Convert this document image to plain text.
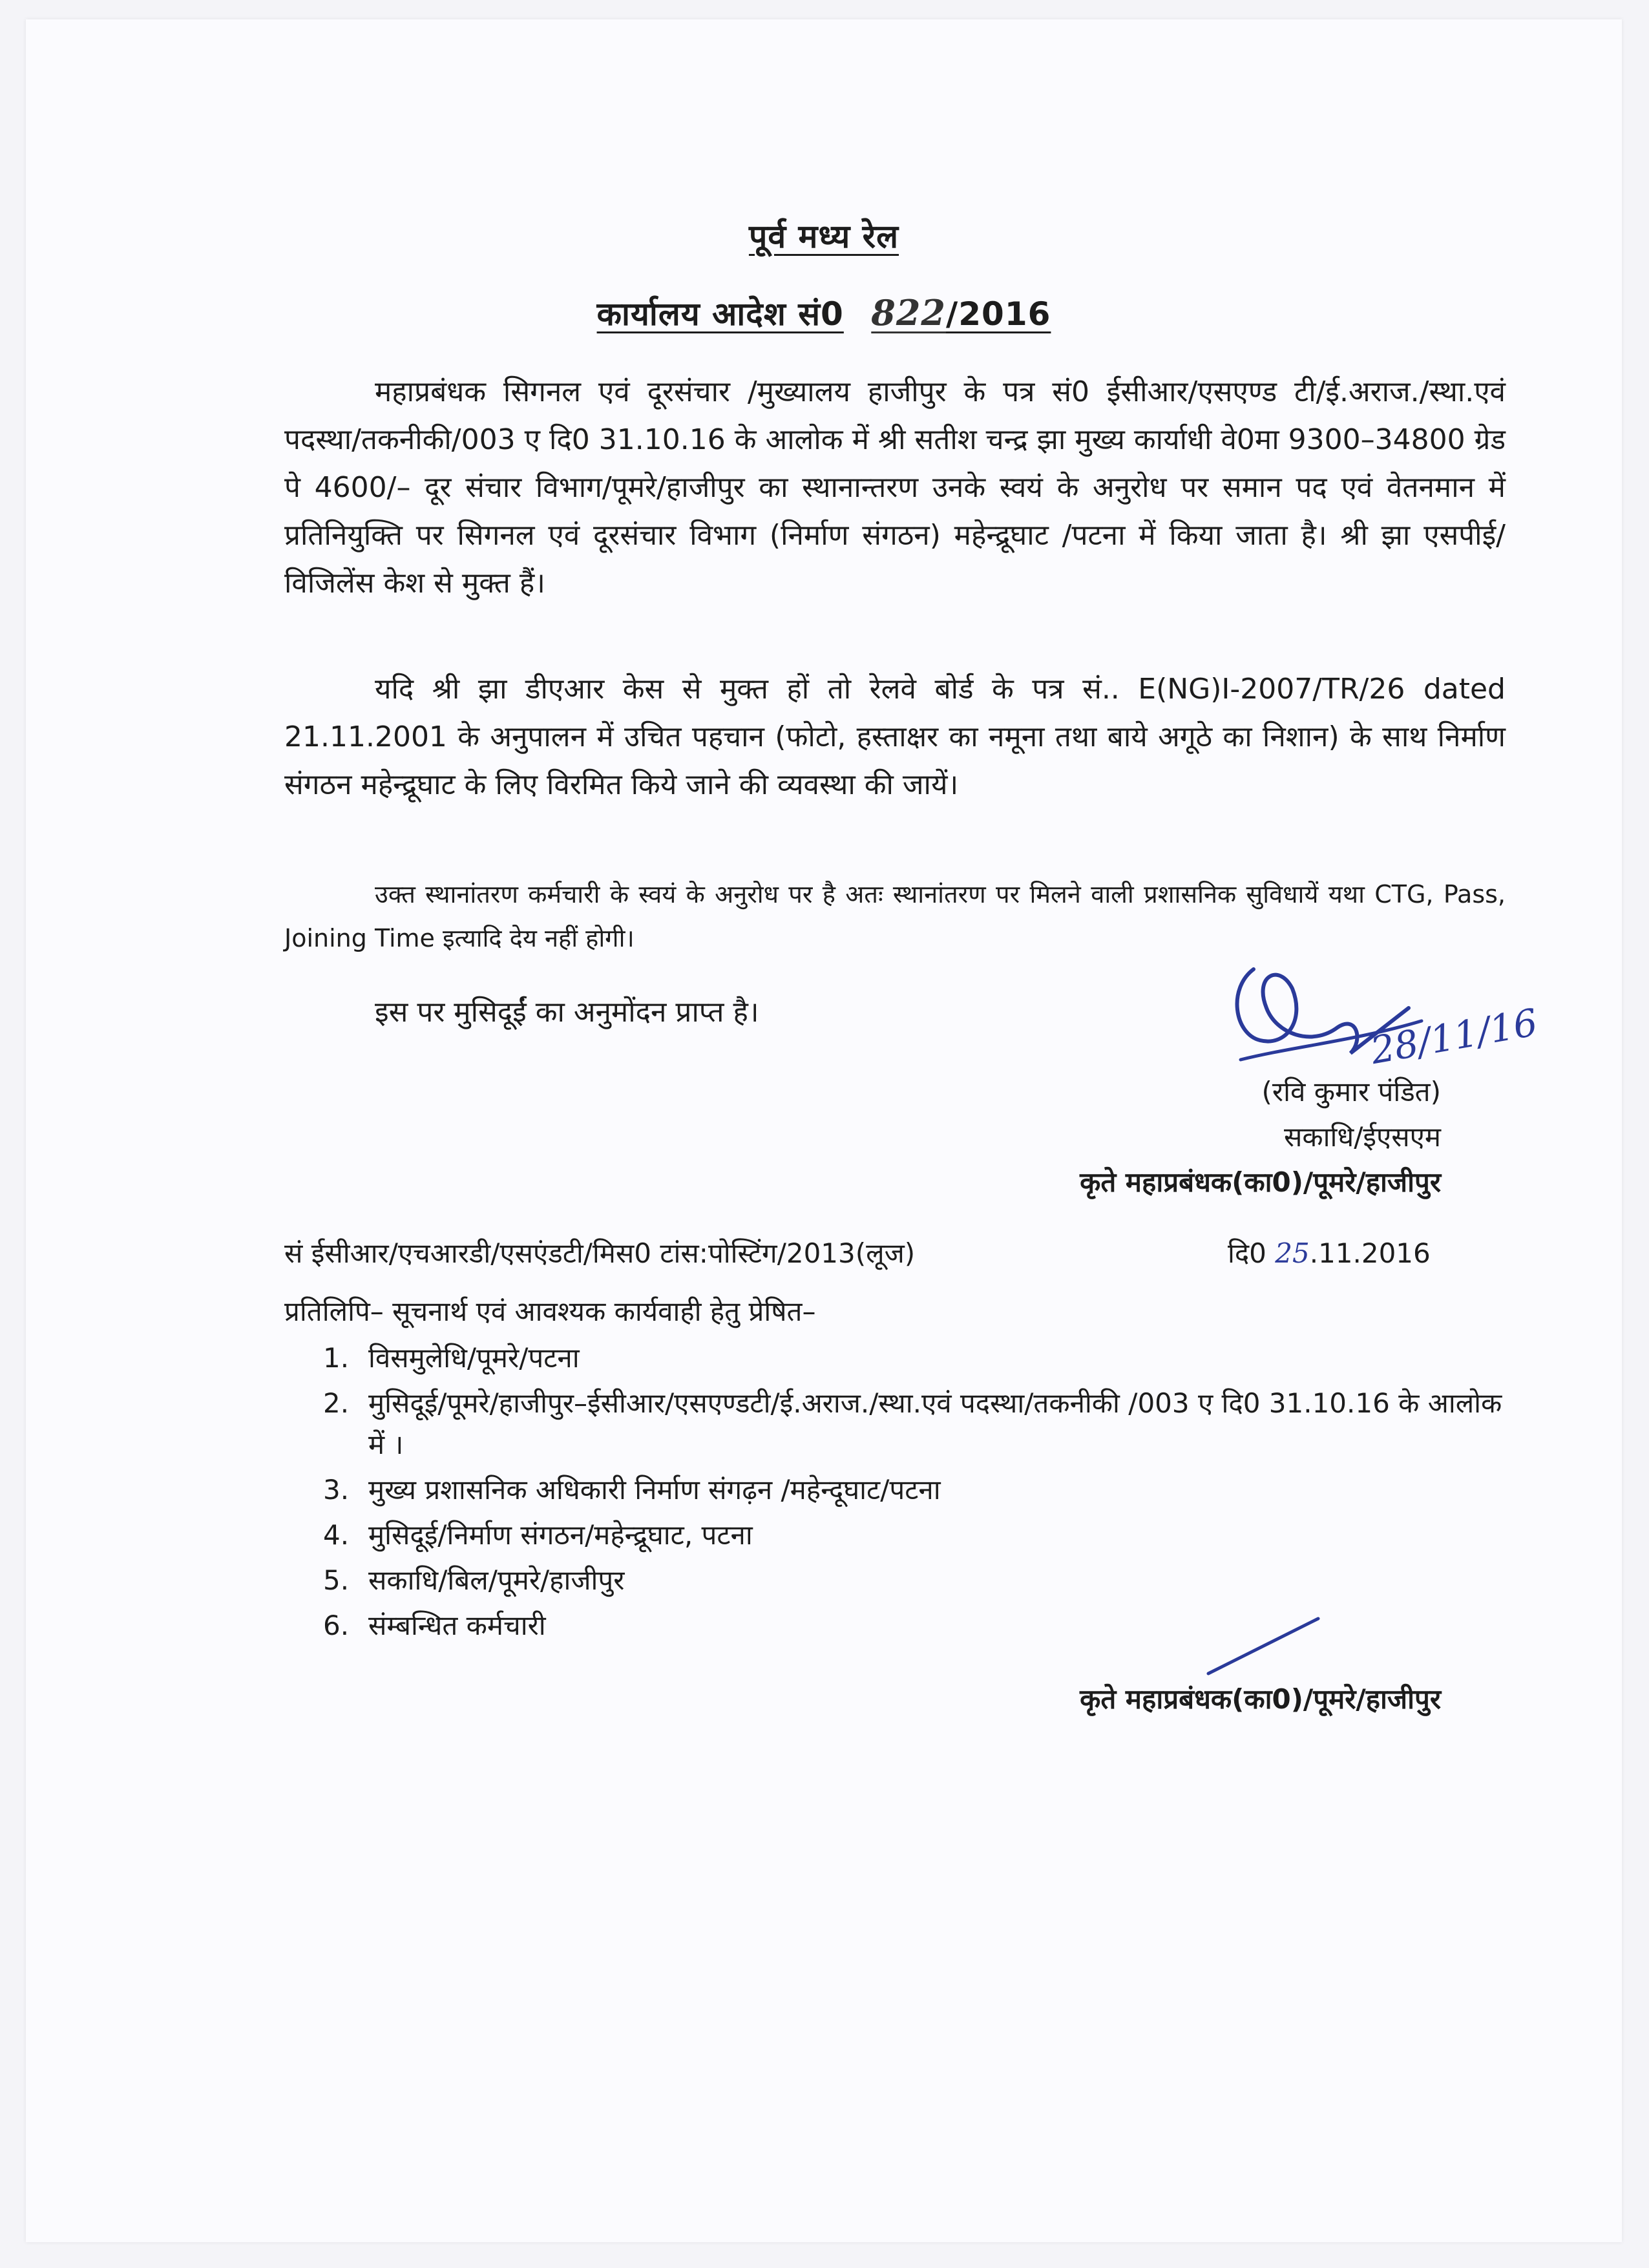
पूर्व मध्य रेल
कार्यालय आदेश सं0 822/2016
महाप्रबंधक सिगनल एवं दूरसंचार /मुख्यालय हाजीपुर के पत्र सं0 ईसीआर/एसएण्ड टी/ई.अराज./स्था.एवं पदस्था/तकनीकी/003 ए दि0 31.10.16 के आलोक में श्री सतीश चन्द्र झा मुख्य कार्याधी वे0मा 9300–34800 ग्रेड पे 4600/– दूर संचार विभाग/पूमरे/हाजीपुर का स्थानान्तरण उनके स्वयं के अनुरोध पर समान पद एवं वेतनमान में प्रतिनियुक्ति पर सिगनल एवं दूरसंचार विभाग (निर्माण संगठन) महेन्द्रूघाट /पटना में किया जाता है। श्री झा एसपीई/विजिलेंस केश से मुक्त हैं।
यदि श्री झा डीएआर केस से मुक्त हों तो रेलवे बोर्ड के पत्र सं.. E(NG)I-2007/TR/26 dated 21.11.2001 के अनुपालन में उचित पहचान (फोटो, हस्ताक्षर का नमूना तथा बाये अगूठे का निशान) के साथ निर्माण संगठन महेन्द्रूघाट के लिए विरमित किये जाने की व्यवस्था की जायें।
उक्त स्थानांतरण कर्मचारी के स्वयं के अनुरोध पर है अतः स्थानांतरण पर मिलने वाली प्रशासनिक सुविधायें यथा CTG, Pass, Joining Time इत्यादि देय नहीं होगी।
इस पर मुसिदूईं का अनुमोंदन प्राप्त है।	28/11/16
(रवि कुमार पंडित)
सकाधि/ईएसएम
कृते महाप्रबंधक(का0)/पूमरे/हाजीपुर
सं ईसीआर/एचआरडी/एसएंडटी/मिस0 टांस:पोस्टिंग/2013(लूज)	दि0 25.11.2016
प्रतिलिपि– सूचनार्थ एवं आवश्यक कार्यवाही हेतु प्रेषित–
1. विसमुलेधि/पूमरे/पटना
2. मुसिदूई/पूमरे/हाजीपुर–ईसीआर/एसएण्डटी/ई.अराज./स्था.एवं पदस्था/तकनीकी /003 ए दि0 31.10.16 के आलोक में ।
3. मुख्य प्रशासनिक अधिकारी निर्माण संगढ़न /महेन्दूघाट/पटना
4. मुसिदूई/निर्माण संगठन/महेन्द्रूघाट, पटना
5. सकाधि/बिल/पूमरे/हाजीपुर
6. संम्बन्धित कर्मचारी
कृते महाप्रबंधक(का0)/पूमरे/हाजीपुर
